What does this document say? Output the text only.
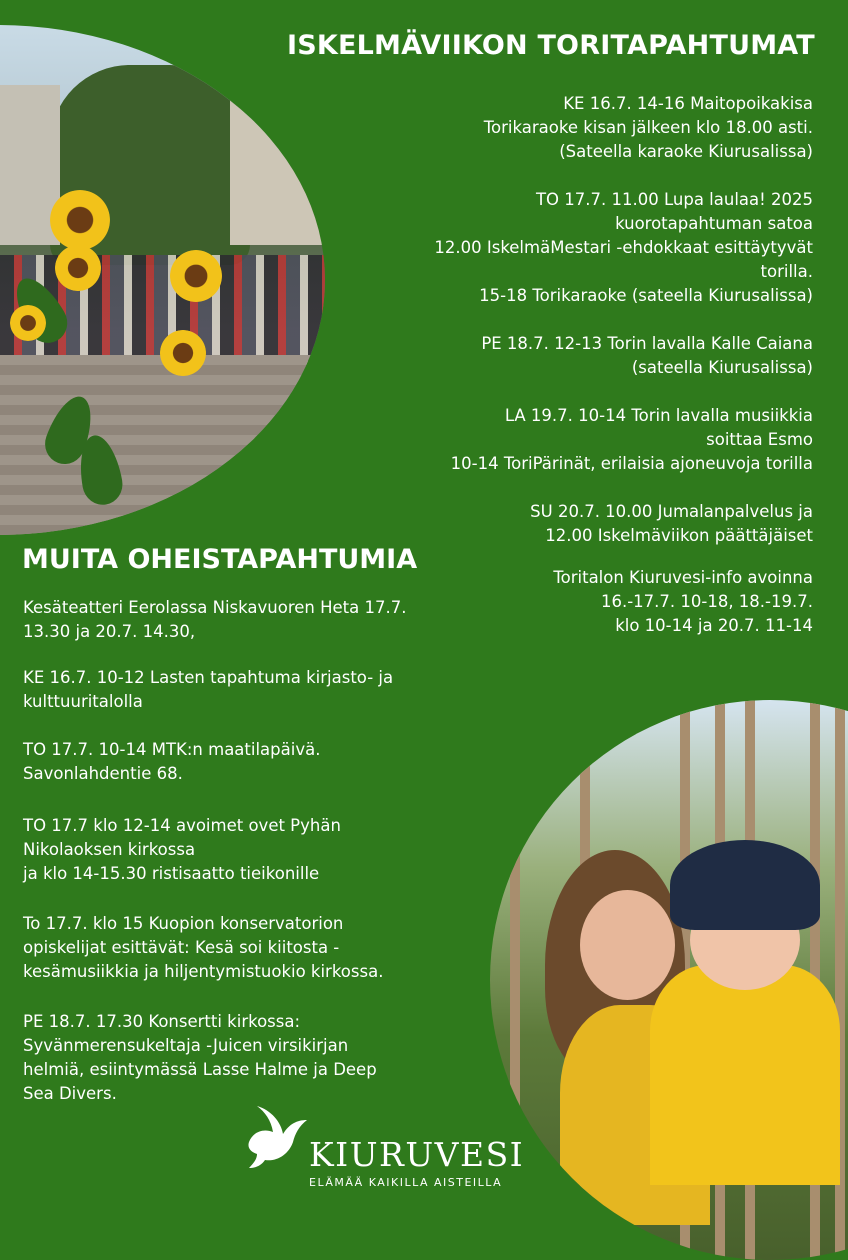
ISKELMÄVIIKON TORITAPAHTUMAT

KE 16.7. 14-16 Maitopoikakisa

Torikaraoke kisan jälkeen klo 18.00 asti.

(Sateella karaoke Kiurusalissa)

TO 17.7. 11.00 Lupa laulaa! 2025

kuorotapahtuman satoa

12.00 IskelmäMestari -ehdokkaat esittäytyvät

torilla.

15-18 Torikaraoke (sateella Kiurusalissa)

PE 18.7. 12-13 Torin lavalla Kalle Caiana

(sateella Kiurusalissa)

LA 19.7. 10-14 Torin lavalla musiikkia

soittaa Esmo

10-14 ToriPärinät, erilaisia ajoneuvoja torilla

SU 20.7. 10.00 Jumalanpalvelus ja

12.00 Iskelmäviikon päättäjäiset

Toritalon Kiuruvesi-info avoinna

16.-17.7. 10-18, 18.-19.7.

klo 10-14 ja 20.7. 11-14

MUITA OHEISTAPAHTUMIA

Kesäteatteri Eerolassa Niskavuoren Heta 17.7.

13.30 ja 20.7. 14.30,

KE 16.7. 10-12 Lasten tapahtuma kirjasto- ja

kulttuuritalolla

TO 17.7. 10-14 MTK:n maatilapäivä.

Savonlahdentie 68.

TO 17.7 klo 12-14 avoimet ovet Pyhän

Nikolaoksen kirkossa

ja klo 14-15.30 ristisaatto tieikonille

To 17.7. klo 15 Kuopion konservatorion

opiskelijat esittävät: Kesä soi kiitosta -

kesämusiikkia ja hiljentymistuokio kirkossa.

PE 18.7. 17.30 Konsertti kirkossa:

Syvänmerensukeltaja -Juicen virsikirjan

helmiä, esiintymässä Lasse Halme ja Deep

Sea Divers.

KIURUVESI
ELÄMÄÄ KAIKILLA AISTEILLA
